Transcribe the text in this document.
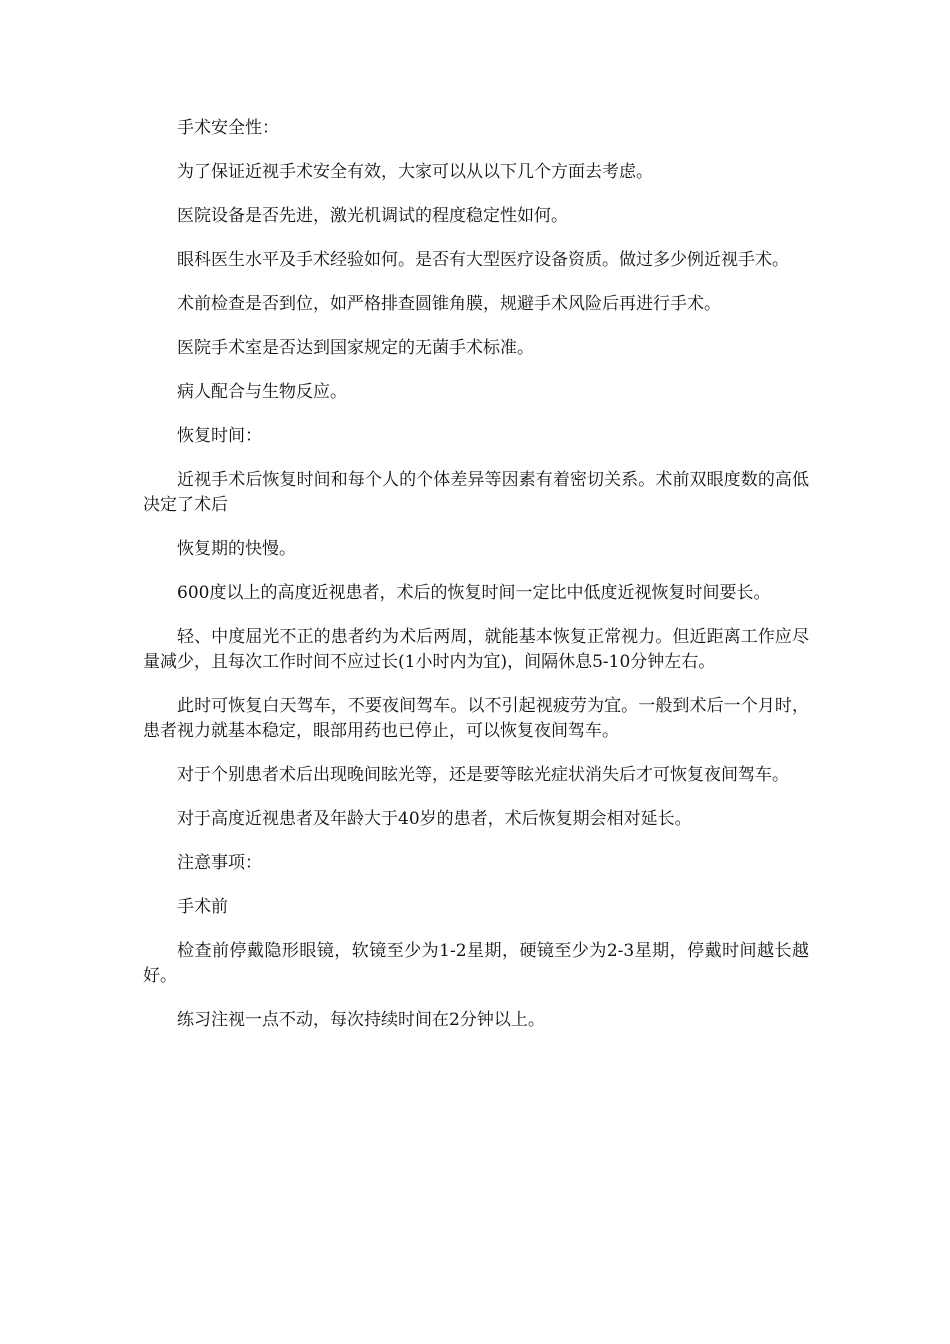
手术安全性：

为了保证近视手术安全有效，大家可以从以下几个方面去考虑。

医院设备是否先进，激光机调试的程度稳定性如何。

眼科医生水平及手术经验如何。是否有大型医疗设备资质。做过多少例近视手术。

术前检查是否到位，如严格排查圆锥角膜，规避手术风险后再进行手术。

医院手术室是否达到国家规定的无菌手术标准。

病人配合与生物反应。

恢复时间：

近视手术后恢复时间和每个人的个体差异等因素有着密切关系。术前双眼度数的高低决定了术后

恢复期的快慢。

600度以上的高度近视患者，术后的恢复时间一定比中低度近视恢复时间要长。

轻、中度屈光不正的患者约为术后两周，就能基本恢复正常视力。但近距离工作应尽量减少，且每次工作时间不应过长(1小时内为宜)，间隔休息5-10分钟左右。

此时可恢复白天驾车，不要夜间驾车。以不引起视疲劳为宜。一般到术后一个月时，患者视力就基本稳定，眼部用药也已停止，可以恢复夜间驾车。

对于个别患者术后出现晚间眩光等，还是要等眩光症状消失后才可恢复夜间驾车。

对于高度近视患者及年龄大于40岁的患者，术后恢复期会相对延长。

注意事项：

手术前

检查前停戴隐形眼镜，软镜至少为1-2星期，硬镜至少为2-3星期，停戴时间越长越好。

练习注视一点不动，每次持续时间在2分钟以上。
